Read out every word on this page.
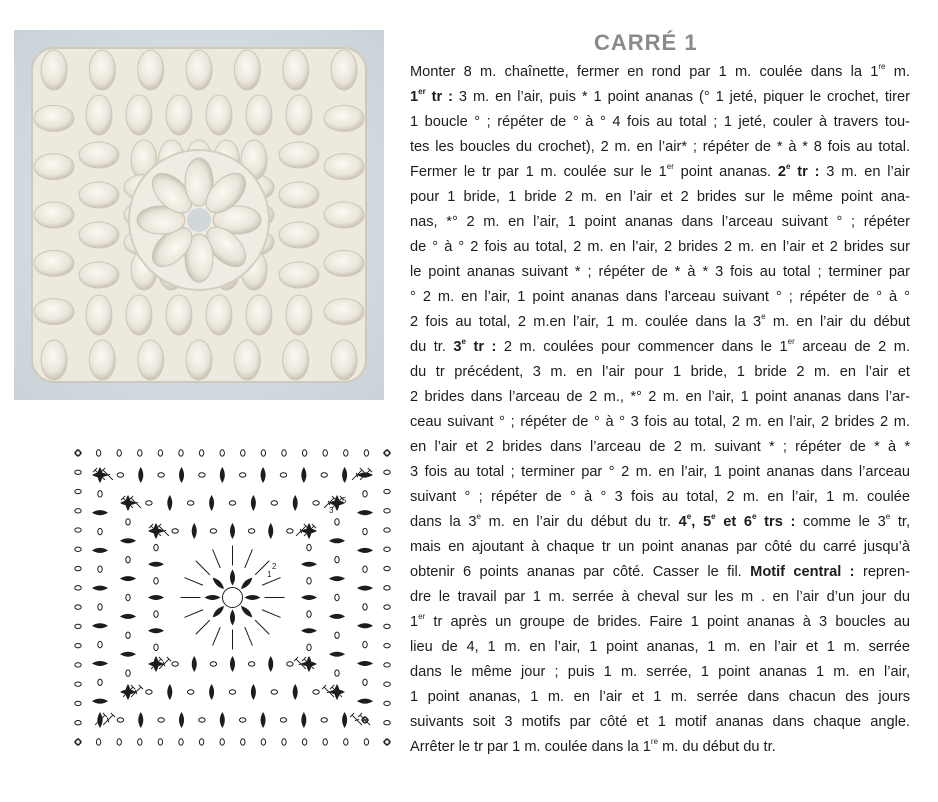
1
2
3
5
CARRÉ 1
Monter 8 m. chaînette, fermer en rond par 1 m. coulée dans la 1re m.
1er tr : 3 m. en l’air, puis * 1 point ananas (° 1 jeté, piquer le crochet, tirer
1 boucle ° ; répéter de ° à ° 4 fois au total ; 1 jeté, couler à travers tou-
tes les boucles du crochet), 2 m. en l’air* ; répéter de * à * 8 fois au total.
Fermer le tr par 1 m. coulée sur le 1er point ananas. 2e tr : 3 m. en l’air
pour 1 bride, 1 bride 2 m. en l’air et 2 brides sur le même point ana-
nas, *° 2 m. en l’air, 1 point ananas dans l’arceau suivant ° ; répéter
de ° à ° 2 fois au total, 2 m. en l’air, 2 brides 2 m. en l’air et 2 brides sur
le point ananas suivant * ; répéter de * à * 3 fois au total ; terminer par
° 2 m. en l’air, 1 point ananas dans l’arceau suivant ° ; répéter de ° à °
2 fois au total, 2 m.en l’air, 1 m. coulée dans la 3e m. en l’air du début
du tr. 3e tr : 2 m. coulées pour commencer dans le 1er arceau de 2 m.
du tr précédent, 3 m. en l’air pour 1 bride, 1 bride 2 m. en l’air et
2 brides dans l’arceau de 2 m., *° 2 m. en l’air, 1 point ananas dans l’ar-
ceau suivant ° ; répéter de ° à ° 3 fois au total, 2 m. en l’air, 2 brides 2 m.
en l’air et 2 brides dans l’arceau de 2 m. suivant * ; répéter de * à *
3 fois au total ; terminer par ° 2 m. en l’air, 1 point ananas dans l’arceau
suivant ° ; répéter de ° à ° 3 fois au total, 2 m. en l’air, 1 m. coulée
dans la 3e m. en l’air du début du tr. 4e, 5e et 6e trs : comme le 3e tr,
mais en ajoutant à chaque tr un point ananas par côté du carré jusqu’à
obtenir 6 points ananas par côté. Casser le fil. Motif central : repren-
dre le travail par 1 m. serrée à cheval sur les m . en l’air d’un jour du
1er tr après un groupe de brides. Faire 1 point ananas à 3 boucles au
lieu de 4, 1 m. en l’air, 1 point ananas, 1 m. en l’air et 1 m. serrée
dans le même jour ; puis 1 m. serrée, 1 point ananas 1 m. en l’air,
1 point ananas, 1 m. en l’air et 1 m. serrée dans chacun des jours
suivants soit 3 motifs par côté et 1 motif ananas dans chaque angle.
Arrêter le tr par 1 m. coulée dans la 1re m. du début du tr.
